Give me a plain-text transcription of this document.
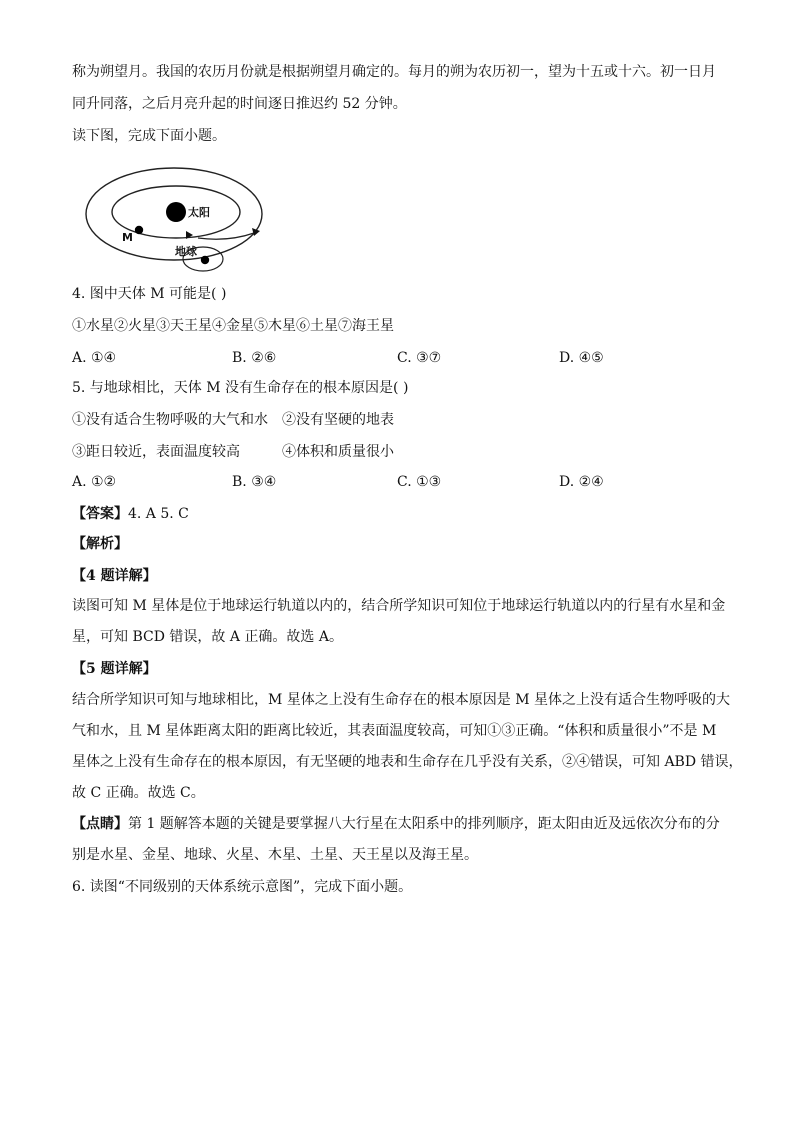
称为朔望月。我国的农历月份就是根据朔望月确定的。每月的朔为农历初一，望为十五或十六。初一日月
同升同落，之后月亮升起的时间逐日推迟约 52 分钟。
读下图，完成下面小题。
太阳
M
地球
4. 图中天体 M 可能是( )
①水星②火星③天王星④金星⑤木星⑥土星⑦海王星
A. ①④	B. ②⑥	C. ③⑦	D. ④⑤
5. 与地球相比，天体 M 没有生命存在的根本原因是( )
①没有适合生物呼吸的大气和水 ②没有坚硬的地表
③距日较近，表面温度较高	④体积和质量很小
A. ①②	B. ③④	C. ①③	D. ②④
【答案】4. A 5. C
【解析】
【4 题详解】
读图可知 M 星体是位于地球运行轨道以内的，结合所学知识可知位于地球运行轨道以内的行星有水星和金
星，可知 BCD 错误，故 A 正确。故选 A。
【5 题详解】
结合所学知识可知与地球相比，M 星体之上没有生命存在的根本原因是 M 星体之上没有适合生物呼吸的大
气和水，且 M 星体距离太阳的距离比较近，其表面温度较高，可知①③正确。“体积和质量很小”不是 M
星体之上没有生命存在的根本原因，有无坚硬的地表和生命存在几乎没有关系，②④错误，可知 ABD 错误，
故 C 正确。故选 C。
【点睛】第 1 题解答本题的关键是要掌握八大行星在太阳系中的排列顺序，距太阳由近及远依次分布的分
别是水星、金星、地球、火星、木星、土星、天王星以及海王星。
6. 读图“不同级别的天体系统示意图”，完成下面小题。
